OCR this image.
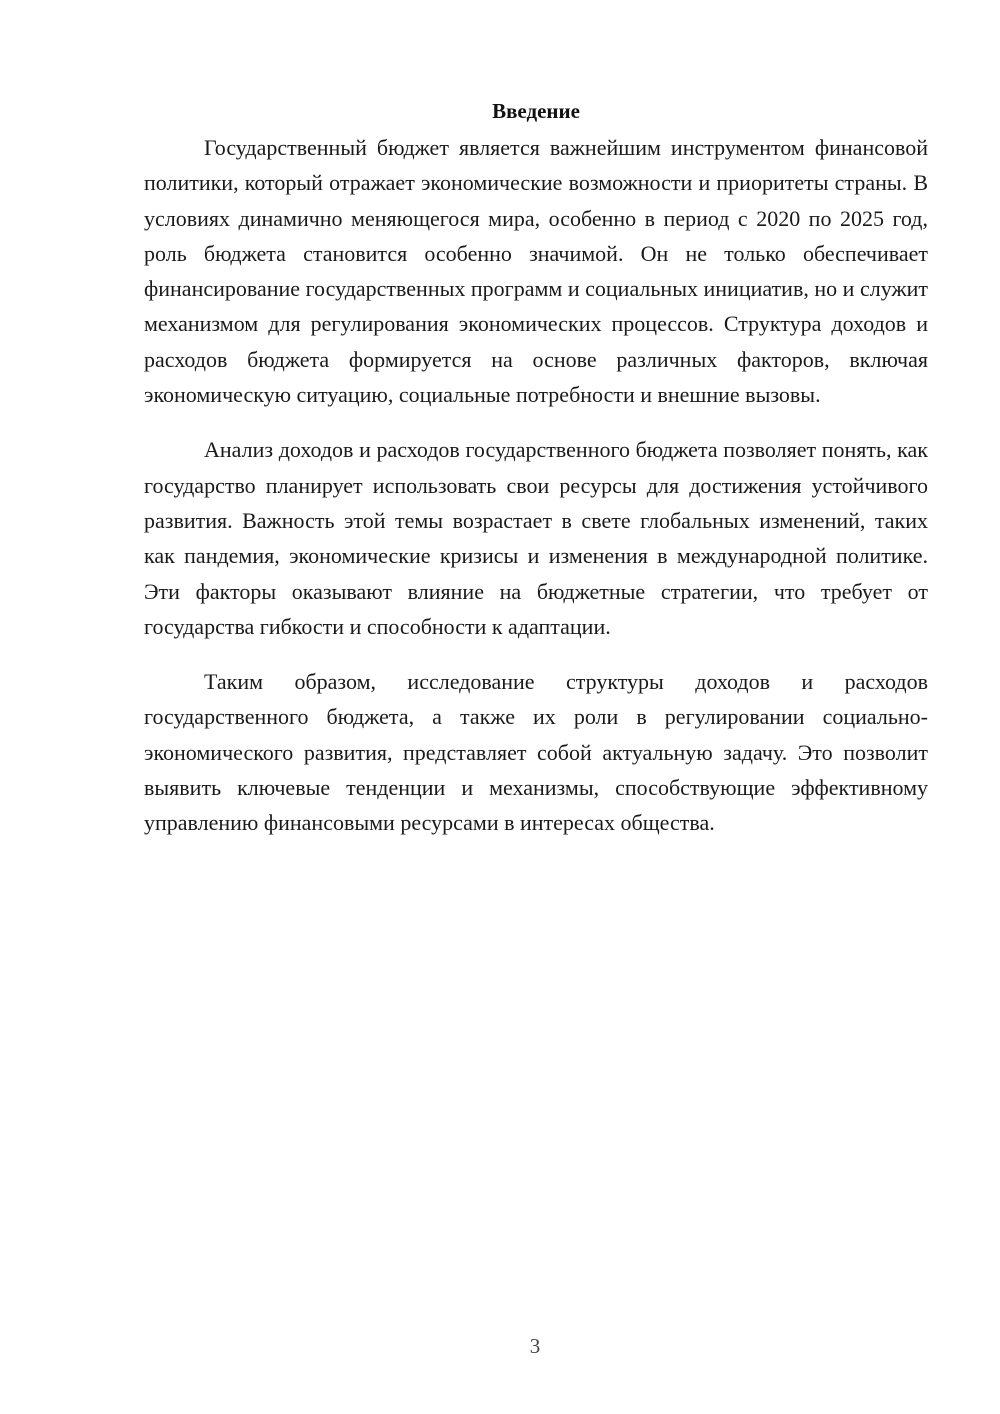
Введение

Государственный бюджет является важнейшим инструментом финансовой политики, который отражает экономические возможности и приоритеты страны. В условиях динамично меняющегося мира, особенно в период с 2020 по 2025 год, роль бюджета становится особенно значимой. Он не только обеспечивает финансирование государственных программ и социальных инициатив, но и служит механизмом для регулирования экономических процессов. Структура доходов и расходов бюджета формируется на основе различных факторов, включая экономическую ситуацию, социальные потребности и внешние вызовы.

Анализ доходов и расходов государственного бюджета позволяет понять, как государство планирует использовать свои ресурсы для достижения устойчивого развития. Важность этой темы возрастает в свете глобальных изменений, таких как пандемия, экономические кризисы и изменения в международной политике. Эти факторы оказывают влияние на бюджетные стратегии, что требует от государства гибкости и способности к адаптации.

Таким образом, исследование структуры доходов и расходов государственного бюджета, а также их роли в регулировании социально-экономического развития, представляет собой актуальную задачу. Это позволит выявить ключевые тенденции и механизмы, способствующие эффективному управлению финансовыми ресурсами в интересах общества.

3
